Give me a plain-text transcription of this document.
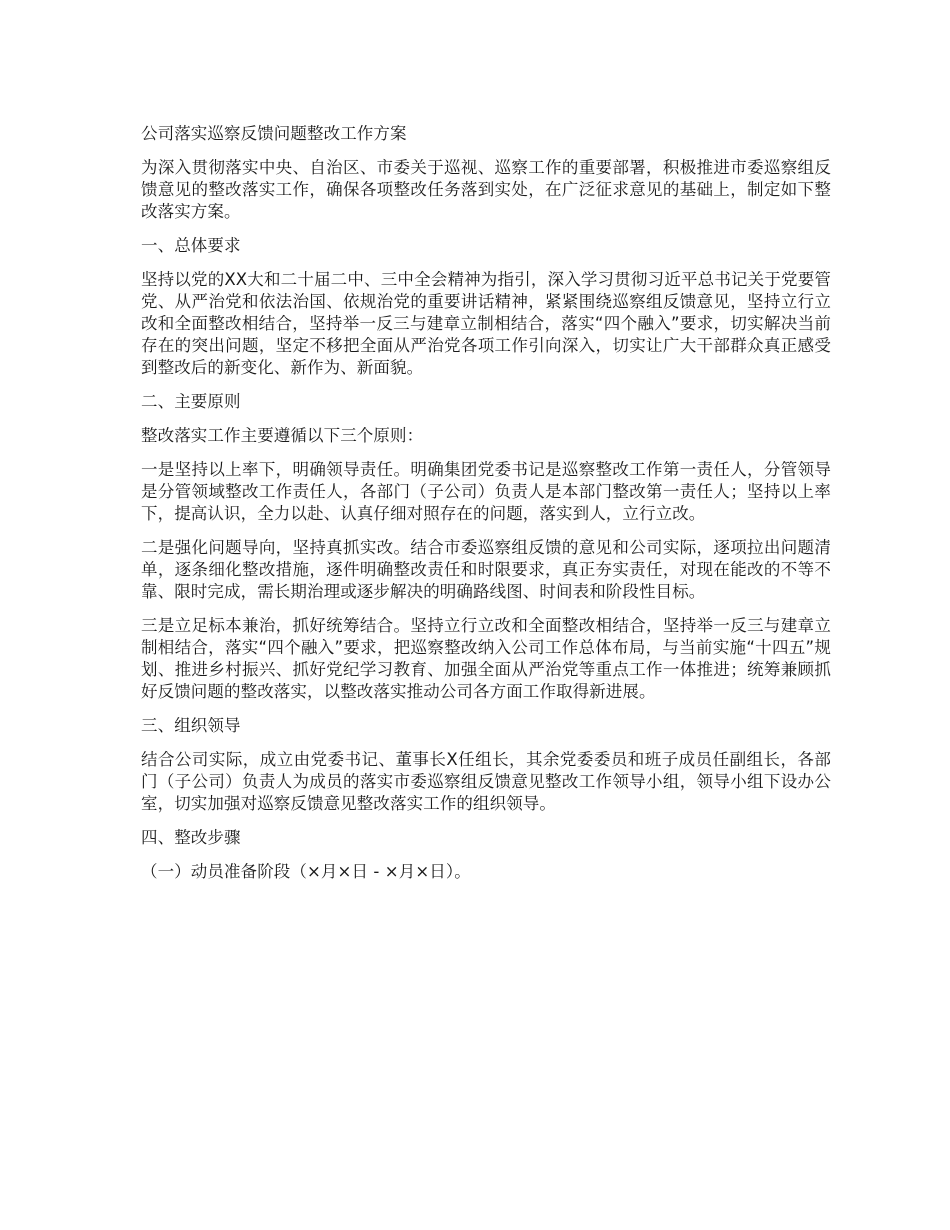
公司落实巡察反馈问题整改工作方案

为深入贯彻落实中央、自治区、市委关于巡视、巡察工作的重要部署，积极推进市委巡察组反馈意见的整改落实工作，确保各项整改任务落到实处，在广泛征求意见的基础上，制定如下整改落实方案。

一、总体要求

坚持以党的XX大和二十届二中、三中全会精神为指引，深入学习贯彻习近平总书记关于党要管党、从严治党和依法治国、依规治党的重要讲话精神，紧紧围绕巡察组反馈意见，坚持立行立改和全面整改相结合，坚持举一反三与建章立制相结合，落实“四个融入”要求，切实解决当前存在的突出问题，坚定不移把全面从严治党各项工作引向深入，切实让广大干部群众真正感受到整改后的新变化、新作为、新面貌。

二、主要原则

整改落实工作主要遵循以下三个原则：

一是坚持以上率下，明确领导责任。明确集团党委书记是巡察整改工作第一责任人，分管领导是分管领域整改工作责任人，各部门（子公司）负责人是本部门整改第一责任人；坚持以上率下，提高认识，全力以赴、认真仔细对照存在的问题，落实到人，立行立改。

二是强化问题导向，坚持真抓实改。结合市委巡察组反馈的意见和公司实际，逐项拉出问题清单，逐条细化整改措施，逐件明确整改责任和时限要求，真正夯实责任，对现在能改的不等不靠、限时完成，需长期治理或逐步解决的明确路线图、时间表和阶段性目标。

三是立足标本兼治，抓好统筹结合。坚持立行立改和全面整改相结合，坚持举一反三与建章立制相结合，落实“四个融入”要求，把巡察整改纳入公司工作总体布局，与当前实施“十四五”规划、推进乡村振兴、抓好党纪学习教育、加强全面从严治党等重点工作一体推进；统筹兼顾抓好反馈问题的整改落实，以整改落实推动公司各方面工作取得新进展。

三、组织领导

结合公司实际，成立由党委书记、董事长X任组长，其余党委委员和班子成员任副组长，各部门（子公司）负责人为成员的落实市委巡察组反馈意见整改工作领导小组，领导小组下设办公室，切实加强对巡察反馈意见整改落实工作的组织领导。

四、整改步骤

（一）动员准备阶段（×月×日 - ×月×日）。
